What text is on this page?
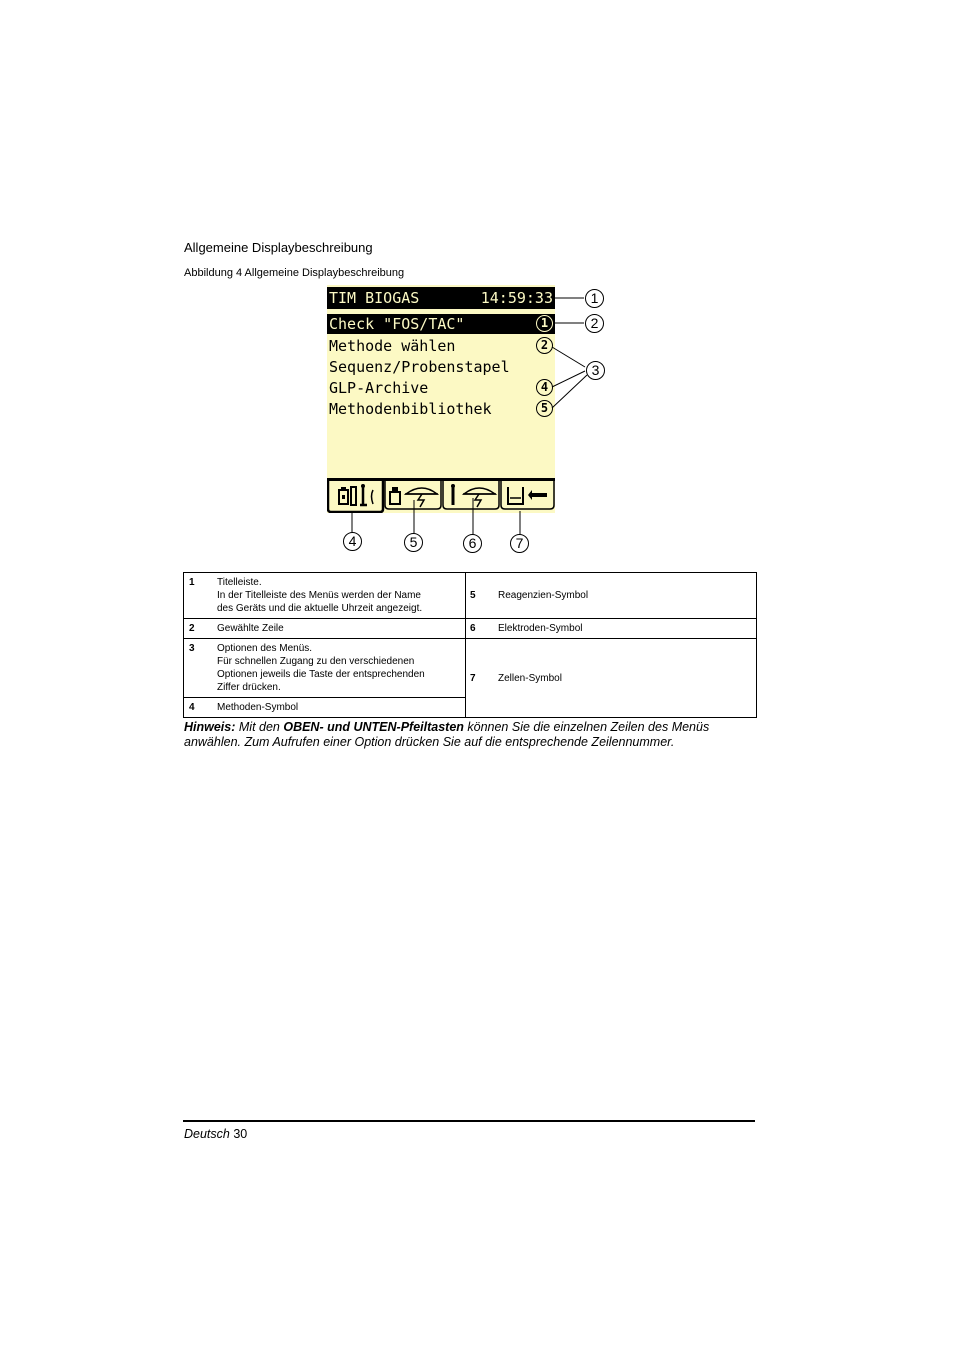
Allgemeine Displaybeschreibung
Abbildung 4 Allgemeine Displaybeschreibung
TIM BIOGAS	14:59:33
Check "FOS/TAC"	1
Methode wählen	2
Sequenz/Probenstapel
GLP-Archive	4
Methodenbibliothek	5
1
2
3
4	5	6	7
1	Titelleiste.
In der Titelleiste des Menüs werden der Name
des Geräts und die aktuelle Uhrzeit angezeigt.	5	Reagenzien-Symbol
2	Gewählte Zeile	6	Elektroden-Symbol
3	Optionen des Menüs.
Für schnellen Zugang zu den verschiedenen
Optionen jeweils die Taste der entsprechenden
Ziffer drücken.	7	Zellen-Symbol
4	Methoden-Symbol		
Hinweis: Mit den OBEN- und UNTEN-Pfeiltasten können Sie die einzelnen Zeilen des Menüs anwählen. Zum Aufrufen einer Option drücken Sie auf die entsprechende Zeilennummer.
Deutsch 30
